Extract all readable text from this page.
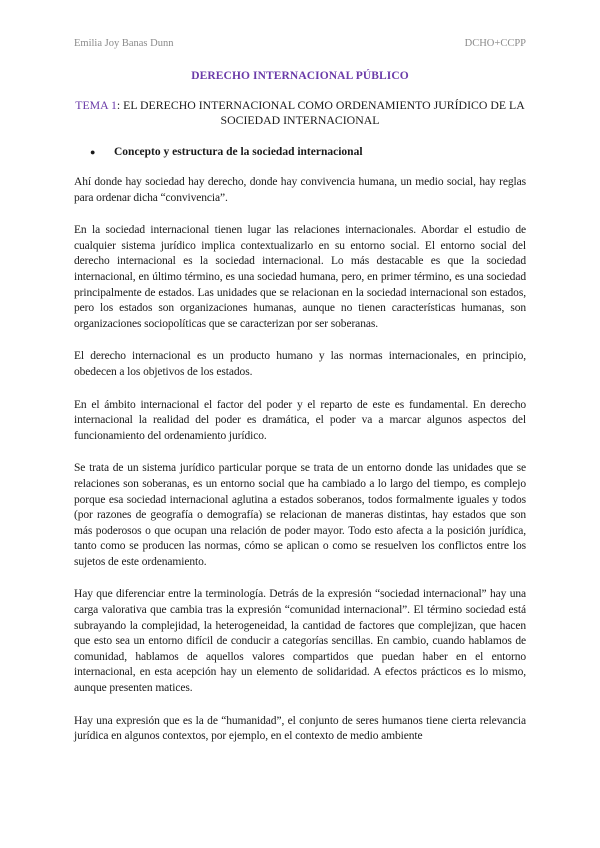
Emilia Joy Banas Dunn	DCHO+CCPP
DERECHO INTERNACIONAL PÚBLICO
TEMA 1: EL DERECHO INTERNACIONAL COMO ORDENAMIENTO JURÍDICO DE LA SOCIEDAD INTERNACIONAL
●	Concepto y estructura de la sociedad internacional

Ahí donde hay sociedad hay derecho, donde hay convivencia humana, un medio social, hay reglas para ordenar dicha “convivencia”.

En la sociedad internacional tienen lugar las relaciones internacionales. Abordar el estudio de cualquier sistema jurídico implica contextualizarlo en su entorno social. El entorno social del derecho internacional es la sociedad internacional. Lo más destacable es que la sociedad internacional, en último término, es una sociedad humana, pero, en primer término, es una sociedad principalmente de estados. Las unidades que se relacionan en la sociedad internacional son estados, pero los estados son organizaciones humanas, aunque no tienen características humanas, son organizaciones sociopolíticas que se caracterizan por ser soberanas.

El derecho internacional es un producto humano y las normas internacionales, en principio, obedecen a los objetivos de los estados.

En el ámbito internacional el factor del poder y el reparto de este es fundamental. En derecho internacional la realidad del poder es dramática, el poder va a marcar algunos aspectos del funcionamiento del ordenamiento jurídico.

Se trata de un sistema jurídico particular porque se trata de un entorno donde las unidades que se relaciones son soberanas, es un entorno social que ha cambiado a lo largo del tiempo, es complejo porque esa sociedad internacional aglutina a estados soberanos, todos formalmente iguales y todos (por razones de geografía o demografía) se relacionan de maneras distintas, hay estados que son más poderosos o que ocupan una relación de poder mayor. Todo esto afecta a la posición jurídica, tanto como se producen las normas, cómo se aplican o como se resuelven los conflictos entre los sujetos de este ordenamiento.

Hay que diferenciar entre la terminología. Detrás de la expresión “sociedad internacional” hay una carga valorativa que cambia tras la expresión “comunidad internacional”. El término sociedad está subrayando la complejidad, la heterogeneidad, la cantidad de factores que complejizan, que hacen que esto sea un entorno difícil de conducir a categorías sencillas. En cambio, cuando hablamos de comunidad, hablamos de aquellos valores compartidos que puedan haber en el entorno internacional, en esta acepción hay un elemento de solidaridad. A efectos prácticos es lo mismo, aunque presenten matices.

Hay una expresión que es la de “humanidad”, el conjunto de seres humanos tiene cierta relevancia jurídica en algunos contextos, por ejemplo, en el contexto de medio ambiente
